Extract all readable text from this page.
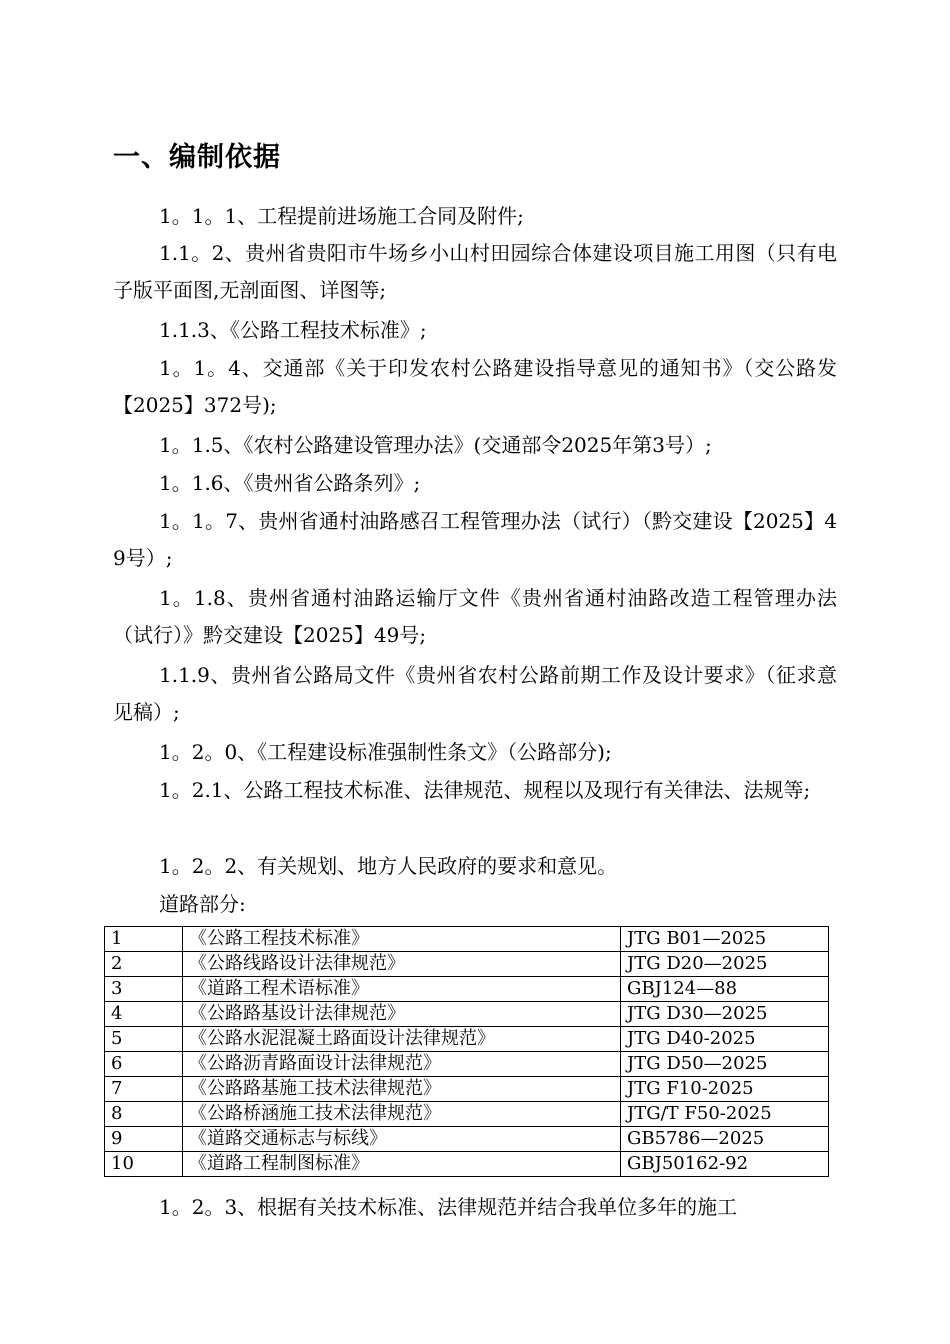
一、编制依据

1。1。1、工程提前进场施工合同及附件;

1.1。2、贵州省贵阳市牛场乡小山村田园综合体建设项目施工用图（只有电子版平面图,无剖面图、详图等;

1.1.3、《公路工程技术标准》;

1。1。4、交通部《关于印发农村公路建设指导意见的通知书》（交公路发【2025】372号);

1。1.5、《农村公路建设管理办法》(交通部令2025年第3号）;

1。1.6、《贵州省公路条列》;

1。1。7、贵州省通村油路感召工程管理办法（试行）（黔交建设【2025】49号）;

1。1.8、贵州省通村油路运输厅文件《贵州省通村油路改造工程管理办法（试行）》黔交建设【2025】49号;

1.1.9、贵州省公路局文件《贵州省农村公路前期工作及设计要求》（征求意见稿）;

1。2。0、《工程建设标准强制性条文》（公路部分);

1。2.1、公路工程技术标准、法律规范、规程以及现行有关律法、法规等;

1。2。2、有关规划、地方人民政府的要求和意见。

道路部分:

1	《公路工程技术标准》	JTG B01—2025
2	《公路线路设计法律规范》	JTG D20—2025
3	《道路工程术语标准》	GBJ124—88
4	《公路路基设计法律规范》	JTG D30—2025
5	《公路水泥混凝土路面设计法律规范》	JTG D40-2025
6	《公路沥青路面设计法律规范》	JTG D50—2025
7	《公路路基施工技术法律规范》	JTG F10-2025
8	《公路桥涵施工技术法律规范》	JTG/T F50-2025
9	《道路交通标志与标线》	GB5786—2025
10	《道路工程制图标准》	GBJ50162-92

1。2。3、根据有关技术标准、法律规范并结合我单位多年的施工
